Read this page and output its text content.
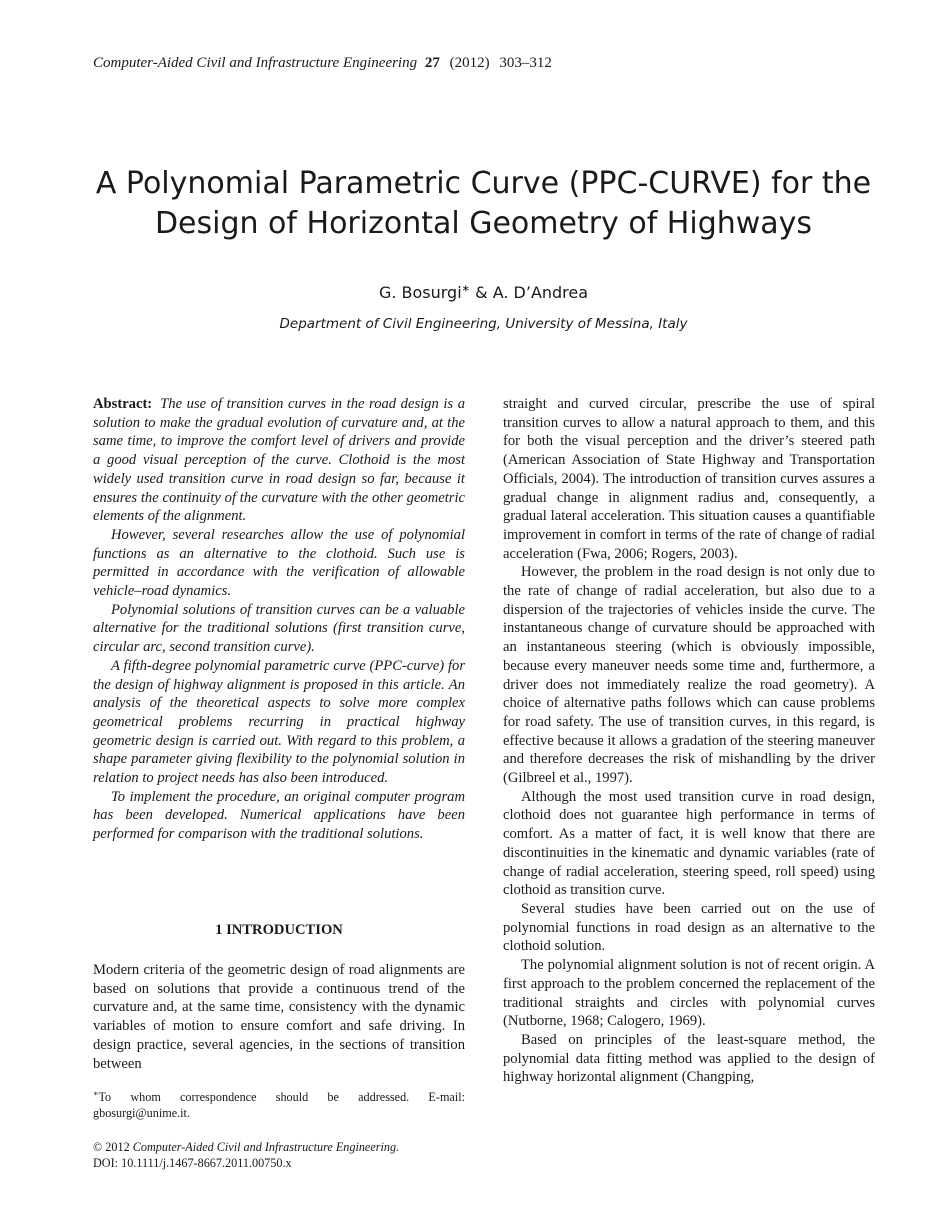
Computer-Aided Civil and Infrastructure Engineering 27 (2012) 303–312
A Polynomial Parametric Curve (PPC-CURVE) for the
Design of Horizontal Geometry of Highways
G. Bosurgi∗ & A. D’Andrea
Department of Civil Engineering, University of Messina, Italy

Abstract: The use of transition curves in the road design is a solution to make the gradual evolution of curvature and, at the same time, to improve the comfort level of drivers and provide a good visual perception of the curve. Clothoid is the most widely used transition curve in road design so far, because it ensures the continuity of the curvature with the other geometric elements of the alignment.

However, several researches allow the use of polynomial functions as an alternative to the clothoid. Such use is permitted in accordance with the verification of allowable vehicle–road dynamics.

Polynomial solutions of transition curves can be a valuable alternative for the traditional solutions (first transition curve, circular arc, second transition curve).

A fifth-degree polynomial parametric curve (PPC-curve) for the design of highway alignment is proposed in this article. An analysis of the theoretical aspects to solve more complex geometrical problems recurring in practical highway geometric design is carried out. With regard to this problem, a shape parameter giving flexibility to the polynomial solution in relation to project needs has also been introduced.

To implement the procedure, an original computer program has been developed. Numerical applications have been performed for comparison with the traditional solutions.

1 INTRODUCTION

Modern criteria of the geometric design of road alignments are based on solutions that provide a continuous trend of the curvature and, at the same time, consistency with the dynamic variables of motion to ensure comfort and safe driving. In design practice, several agencies, in the sections of transition between

∗To whom correspondence should be addressed. E-mail: gbosurgi@unime.it.
© 2012 Computer-Aided Civil and Infrastructure Engineering.
DOI: 10.1111/j.1467-8667.2011.00750.x

straight and curved circular, prescribe the use of spiral transition curves to allow a natural approach to them, and this for both the visual perception and the driver’s steered path (American Association of State Highway and Transportation Officials, 2004). The introduction of transition curves assures a gradual change in alignment radius and, consequently, a gradual lateral acceleration. This situation causes a quantifiable improvement in comfort in terms of the rate of change of radial acceleration (Fwa, 2006; Rogers, 2003).

However, the problem in the road design is not only due to the rate of change of radial acceleration, but also due to a dispersion of the trajectories of vehicles inside the curve. The instantaneous change of curvature should be approached with an instantaneous steering (which is obviously impossible, because every maneuver needs some time and, furthermore, a driver does not immediately realize the road geometry). A choice of alternative paths follows which can cause problems for road safety. The use of transition curves, in this regard, is effective because it allows a gradation of the steering maneuver and therefore decreases the risk of mishandling by the driver (Gilbreel et al., 1997).

Although the most used transition curve in road design, clothoid does not guarantee high performance in terms of comfort. As a matter of fact, it is well know that there are discontinuities in the kinematic and dynamic variables (rate of change of radial acceleration, steering speed, roll speed) using clothoid as transition curve.

Several studies have been carried out on the use of polynomial functions in road design as an alternative to the clothoid solution.

The polynomial alignment solution is not of recent origin. A first approach to the problem concerned the replacement of the traditional straights and circles with polynomial curves (Nutborne, 1968; Calogero, 1969).

Based on principles of the least-square method, the polynomial data fitting method was applied to the design of highway horizontal alignment (Changping,
